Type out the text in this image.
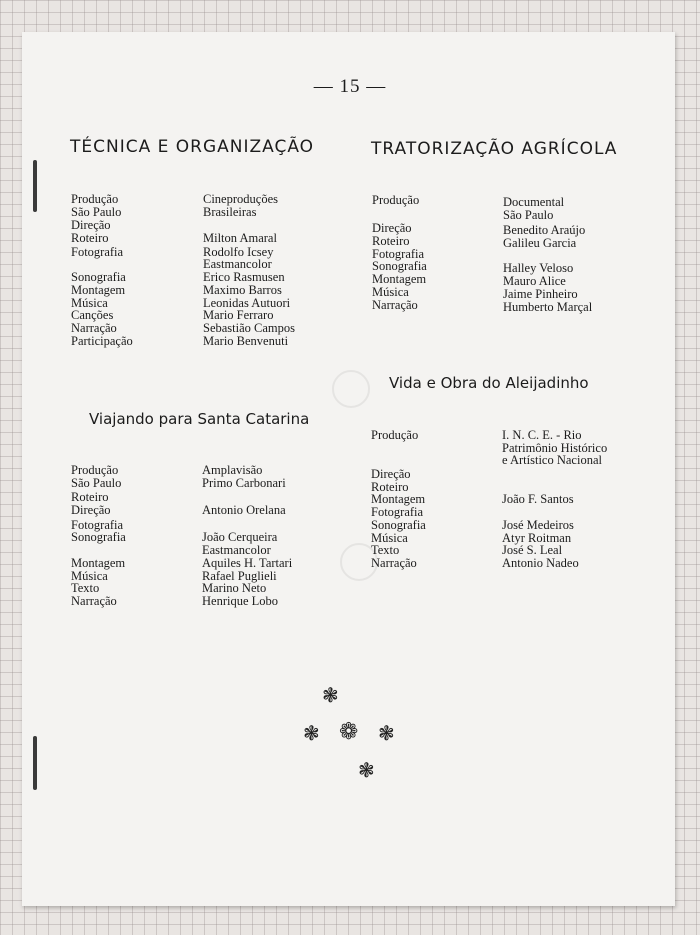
— 15 —
TÉCNICA E ORGANIZAÇÃO
Produção
São Paulo
Direção
Roteiro
Fotografia
Sonografia
Montagem
Música
Canções
Narração
Participação
Cineproduções
Brasileiras
Milton Amaral
Rodolfo Icsey
Eastmancolor
Erico Rasmusen
Maximo Barros
Leonidas Autuori
Mario Ferraro
Sebastião Campos
Mario Benvenuti
TRATORIZAÇÃO AGRÍCOLA
Produção
Direção
Roteiro
Fotografia
Sonografia
Montagem
Música
Narração
Documental
São Paulo
Benedito Araújo
Galileu Garcia
Halley Veloso
Mauro Alice
Jaime Pinheiro
Humberto Marçal
Vida e Obra do Aleijadinho
Produção
Direção
Roteiro
Montagem
Fotografia
Sonografia
Música
Texto
Narração
I. N. C. E. - Rio
Patrimônio Histórico
e Artístico Nacional
João F. Santos
José Medeiros
Atyr Roitman
José S. Leal
Antonio Nadeo
Viajando para Santa Catarina
Produção
São Paulo
Roteiro
Direção
Fotografia
Sonografia
Montagem
Música
Texto
Narração
Amplavisão
Primo Carbonari
Antonio Orelana
João Cerqueira
Eastmancolor
Aquiles H. Tartari
Rafael Puglieli
Marino Neto
Henrique Lobo
❃
❃ ❁ ❃
❃
